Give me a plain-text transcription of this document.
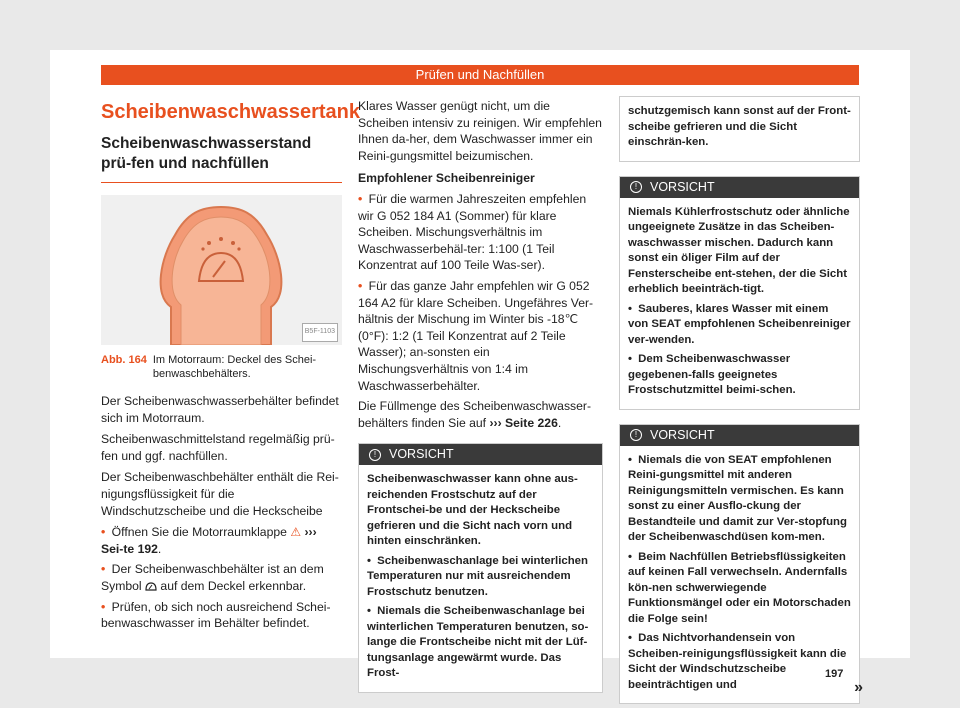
Prüfen und Nachfüllen
Scheibenwaschwassertank
Scheibenwaschwasserstand prü-fen und nachfüllen
B5F-1103
Abb. 164 Im Motorraum: Deckel des Schei-benwaschbehälters.

Der Scheibenwaschwasserbehälter befindet sich im Motorraum.

Scheibenwaschmittelstand regelmäßig prü-fen und ggf. nachfüllen.

Der Scheibenwaschbehälter enthält die Rei-nigungsflüssigkeit für die Windschutzscheibe und die Heckscheibe

• Öffnen Sie die Motorraumklappe ⚠ ››› Sei-te 192.

• Der Scheibenwaschbehälter ist an dem Symbol auf dem Deckel erkennbar.

• Prüfen, ob sich noch ausreichend Schei-benwaschwasser im Behälter befindet.

Klares Wasser genügt nicht, um die Scheiben intensiv zu reinigen. Wir empfehlen Ihnen da-her, dem Waschwasser immer ein Reini-gungsmittel beizumischen.

Empfohlener Scheibenreiniger

• Für die warmen Jahreszeiten empfehlen wir G 052 184 A1 (Sommer) für klare Scheiben. Mischungsverhältnis im Waschwasserbehäl-ter: 1:100 (1 Teil Konzentrat auf 100 Teile Was-ser).

• Für das ganze Jahr empfehlen wir G 052 164 A2 für klare Scheiben. Ungefähres Ver-hältnis der Mischung im Winter bis -18℃ (0°F): 1:2 (1 Teil Konzentrat auf 2 Teile Wasser); an-sonsten ein Mischungsverhältnis von 1:4 im Waschwasserbehälter.

Die Füllmenge des Scheibenwaschwasser-behälters finden Sie auf ››› Seite 226.

!	VORSICHT

Scheibenwaschwasser kann ohne aus-reichenden Frostschutz auf der Frontschei-be und der Heckscheibe gefrieren und die Sicht nach vorn und hinten einschränken.

• Scheibenwaschanlage bei winterlichen Temperaturen nur mit ausreichendem Frostschutz benutzen.

• Niemals die Scheibenwaschanlage bei winterlichen Temperaturen benutzen, so-lange die Frontscheibe nicht mit der Lüf-tungsanlage angewärmt wurde. Das Frost-

schutzgemisch kann sonst auf der Front-scheibe gefrieren und die Sicht einschrän-ken.

!	VORSICHT

Niemals Kühlerfrostschutz oder ähnliche ungeeignete Zusätze in das Scheiben-waschwasser mischen. Dadurch kann sonst ein öliger Film auf der Fensterscheibe ent-stehen, der die Sicht erheblich beeinträch-tigt.

• Sauberes, klares Wasser mit einem von SEAT empfohlenen Scheibenreiniger ver-wenden.

• Dem Scheibenwaschwasser gegebenen-falls geeignetes Frostschutzmittel beimi-schen.

!	VORSICHT

• Niemals die von SEAT empfohlenen Reini-gungsmittel mit anderen Reinigungsmitteln vermischen. Es kann sonst zu einer Ausflo-ckung der Bestandteile und damit zur Ver-stopfung der Scheibenwaschdüsen kom-men.

• Beim Nachfüllen Betriebsflüssigkeiten auf keinen Fall verwechseln. Andernfalls kön-nen schwerwiegende Funktionsmängel oder ein Motorschaden die Folge sein!

• Das Nichtvorhandensein von Scheiben-reinigungsflüssigkeit kann die Sicht der Windschutzscheibe beeinträchtigen und	»
197
